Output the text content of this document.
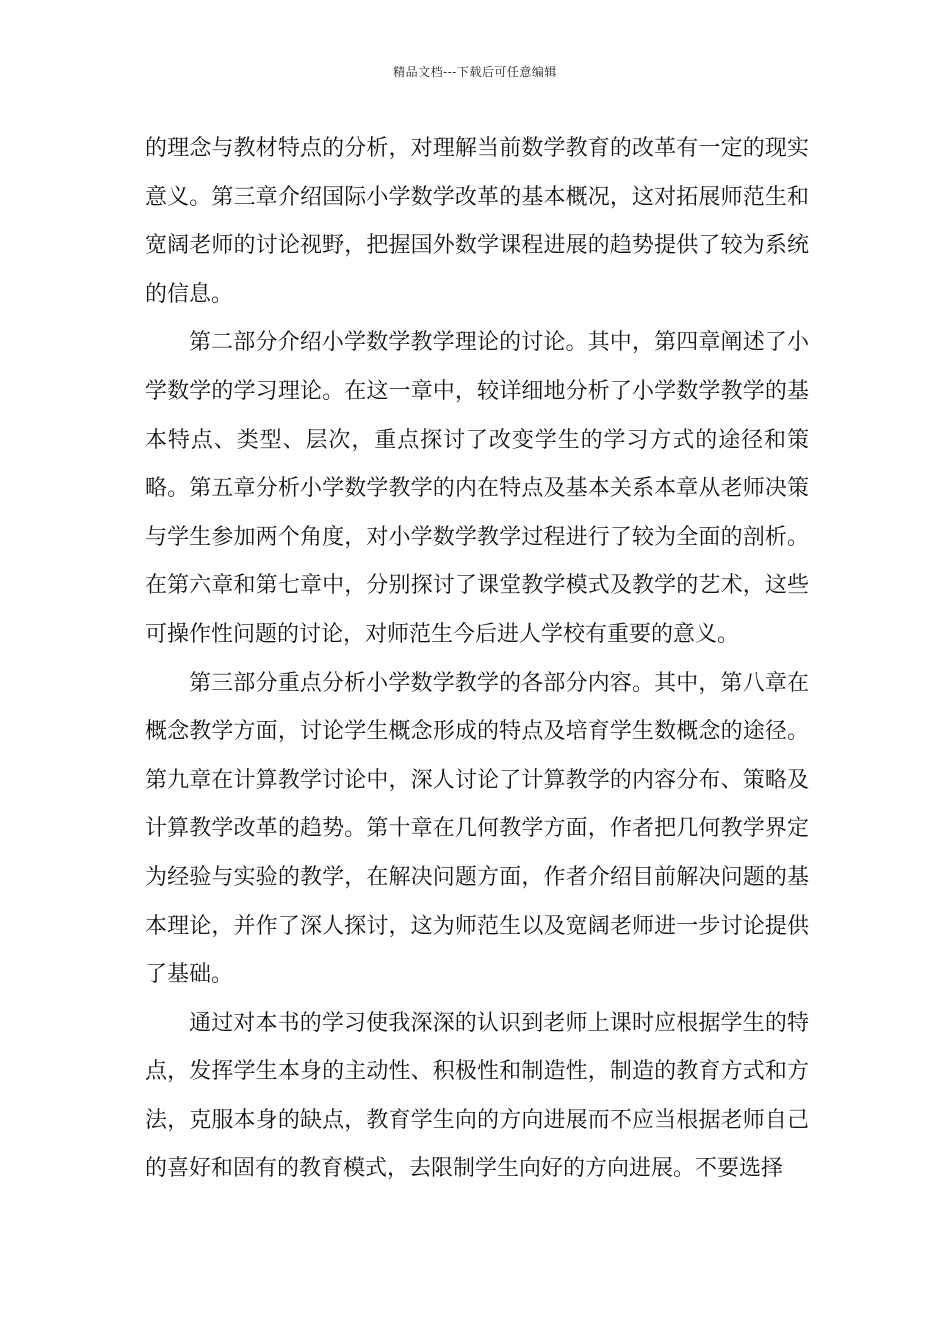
精品文档---下载后可任意编辑

的理念与教材特点的分析，对理解当前数学教育的改革有一定的现实意义。第三章介绍国际小学数学改革的基本概况，这对拓展师范生和宽阔老师的讨论视野，把握国外数学课程进展的趋势提供了较为系统的信息。

第二部分介绍小学数学教学理论的讨论。其中，第四章阐述了小学数学的学习理论。在这一章中，较详细地分析了小学数学教学的基本特点、类型、层次，重点探讨了改变学生的学习方式的途径和策略。第五章分析小学数学教学的内在特点及基本关系本章从老师决策与学生参加两个角度，对小学数学教学过程进行了较为全面的剖析。在第六章和第七章中，分别探讨了课堂教学模式及教学的艺术，这些可操作性问题的讨论，对师范生今后进人学校有重要的意义。

第三部分重点分析小学数学教学的各部分内容。其中，第八章在概念教学方面，讨论学生概念形成的特点及培育学生数概念的途径。第九章在计算教学讨论中，深人讨论了计算教学的内容分布、策略及计算教学改革的趋势。第十章在几何教学方面，作者把几何教学界定为经验与实验的教学，在解决问题方面，作者介绍目前解决问题的基本理论，并作了深人探讨，这为师范生以及宽阔老师进一步讨论提供了基础。

通过对本书的学习使我深深的认识到老师上课时应根据学生的特点，发挥学生本身的主动性、积极性和制造性，制造的教育方式和方法，克服本身的缺点，教育学生向的方向进展而不应当根据老师自己的喜好和固有的教育模式，去限制学生向好的方向进展。不要选择
